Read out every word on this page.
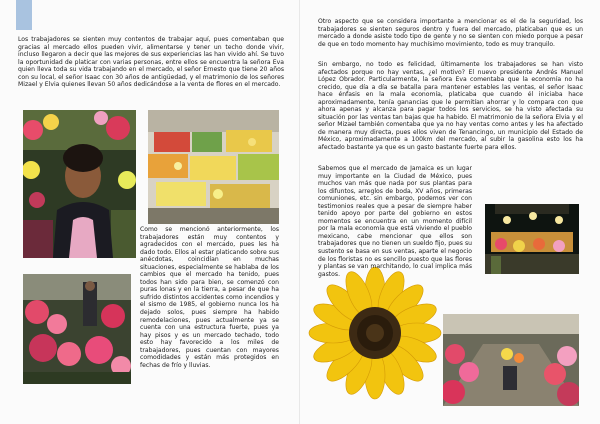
Los trabajadores se sienten muy contentos de trabajar aquí, pues comentaban que gracias al mercado ellos pueden vivir, alimentarse y tener un techo donde vivir, incluso llegaron a decir que las mejores de sus experiencias las han vivido ahí. Se tuvo la oportunidad de platicar con varias personas, entre ellos se encuentra la señora Eva quien lleva toda su vida trabajando en el mercado, el señor Ernesto que tiene 20 años con su local, el señor Isaac con 30 años de antigüedad, y el matrimonio de los señores Mizael y Elvia quienes llevan 50 años dedicándose a la venta de flores en el mercado.

Como se mencionó anteriormente, los trabajadores están muy contentos y agradecidos con el mercado, pues les ha dado todo. Ellos al estar platicando sobre sus anécdotas, coincidían en muchas situaciones, especialmente se hablaba de los cambios que el mercado ha tenido, pues todos han sido para bien, se comenzó con puras lonas y en la tierra, a pesar de que ha sufrido distintos accidentes como incendios y el sismo de 1985, el gobierno nunca los ha dejado solos, pues siempre ha habido remodelaciones, pues actualmente ya se cuenta con una estructura fuerte, pues ya hay pisos y es un mercado techado, todo esto hay favorecido a los miles de trabajadores, pues cuentan con mayores comodidades y están más protegidos en fechas de frío y lluvias.

Otro aspecto que se considera importante a mencionar es el de la seguridad, los trabajadores se sienten seguros dentro y fuera del mercado, platicaban que es un mercado a donde asiste todo tipo de gente y no se sienten con miedo porque a pesar de que en todo momento hay muchísimo movimiento, todo es muy tranquilo.

Sin embargo, no todo es felicidad, últimamente los trabajadores se han visto afectados porque no hay ventas, ¿el motivo? El nuevo presidente Andrés Manuel López Obrador. Particularmente, la señora Eva comentaba que la economía no ha crecido, que día a día se batalla para mantener estables las ventas, el señor Isaac hace énfasis en la mala economía, platicaba que cuando él iniciaba hace aproximadamente, tenía ganancias que le permitían ahorrar y lo compara con que ahora apenas y alcanza para pagar todos los servicios, se ha visto afectada su situación por las ventas tan bajas que ha habido. El matrimonio de la señora Elvia y el señor Mizael también comentaba que ya no hay ventas como antes y les ha afectado de manera muy directa, pues ellos viven de Tenancingo, un municipio del Estado de México, aproximadamente a 100km del mercado, al subir la gasolina esto los ha afectado bastante ya que es un gasto bastante fuerte para ellos.

Sabemos que el mercado de Jamaica es un lugar muy importante en la Ciudad de México, pues muchos van más que nada por sus plantas para los difuntos, arreglos de boda, XV años, primeras comuniones, etc. sin embargo, podemos ver con testimonios reales que a pesar de siempre haber tenido apoyo por parte del gobierno en estos momentos se encuentra en un momento difícil por la mala economía que está viviendo el pueblo mexicano, cabe mencionar que ellos son trabajadores que no tienen un sueldo fijo, pues su sustento se basa en sus ventas, aparte el negocio de los floristas no es sencillo puesto que las flores y plantas se van marchitando, lo cual implica más gastos.
